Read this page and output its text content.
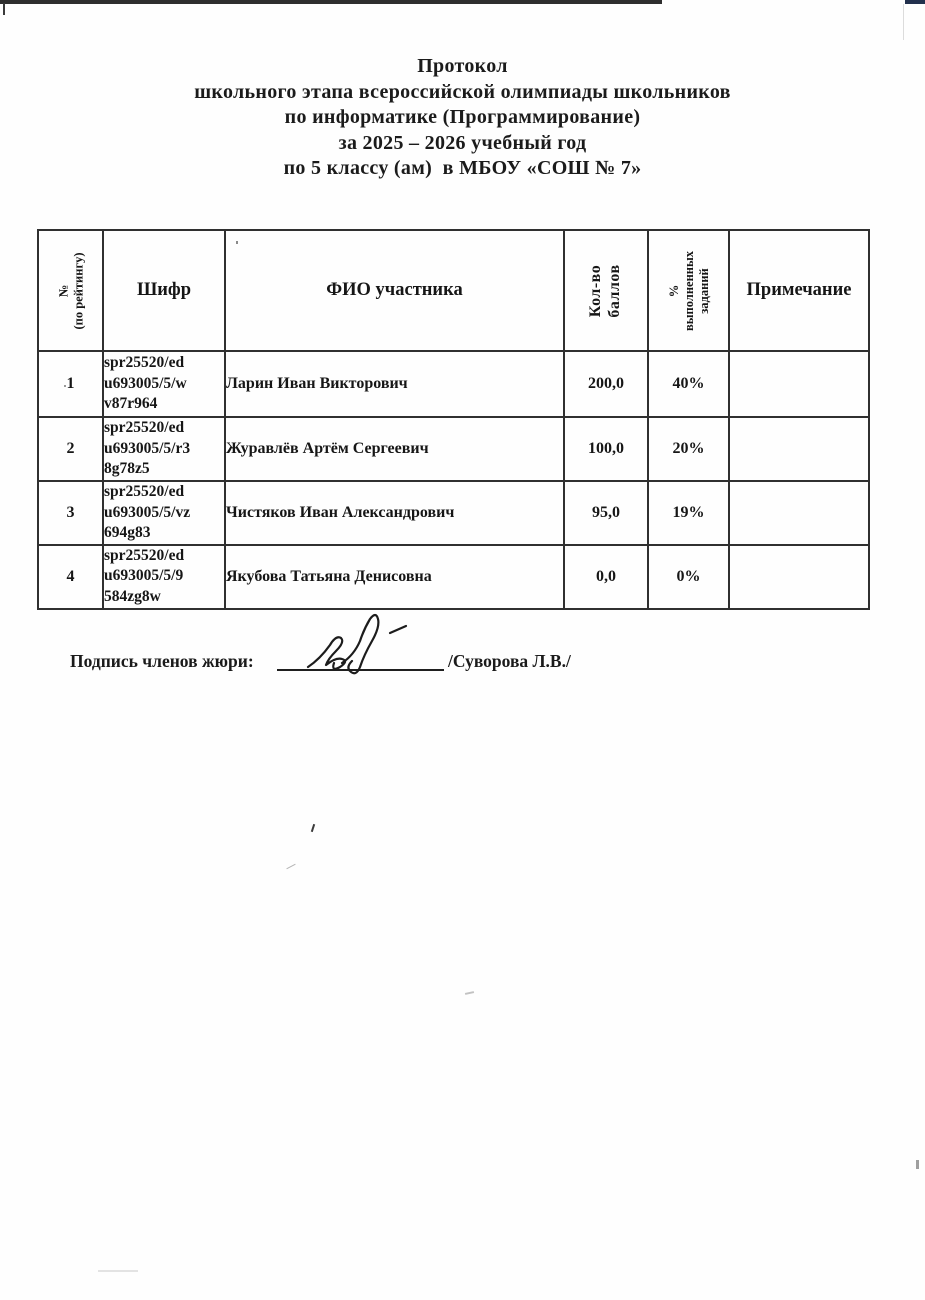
Протокол
школьного этапа всероссийской олимпиады школьников
по информатике (Программирование)
за 2025 – 2026 учебный год
по 5 классу (ам)  в МБОУ «СОШ № 7»
№ (по рейтингу)	Шифр	ФИО участника	Кол-во баллов	% выполненных заданий	Примечание
1	spr25520/ed
u693005/5/w
v87r964	Ларин Иван Викторович	200,0	40%	
2	spr25520/ed
u693005/5/r3
8g78z5	Журавлёв Артём Сергеевич	100,0	20%	
3	spr25520/ed
u693005/5/vz
694g83	Чистяков Иван Александрович	95,0	19%	
4	spr25520/ed
u693005/5/9
584zg8w	Якубова Татьяна Денисовна	0,0	0%	
Подпись членов жюри:	/Суворова Л.В./
